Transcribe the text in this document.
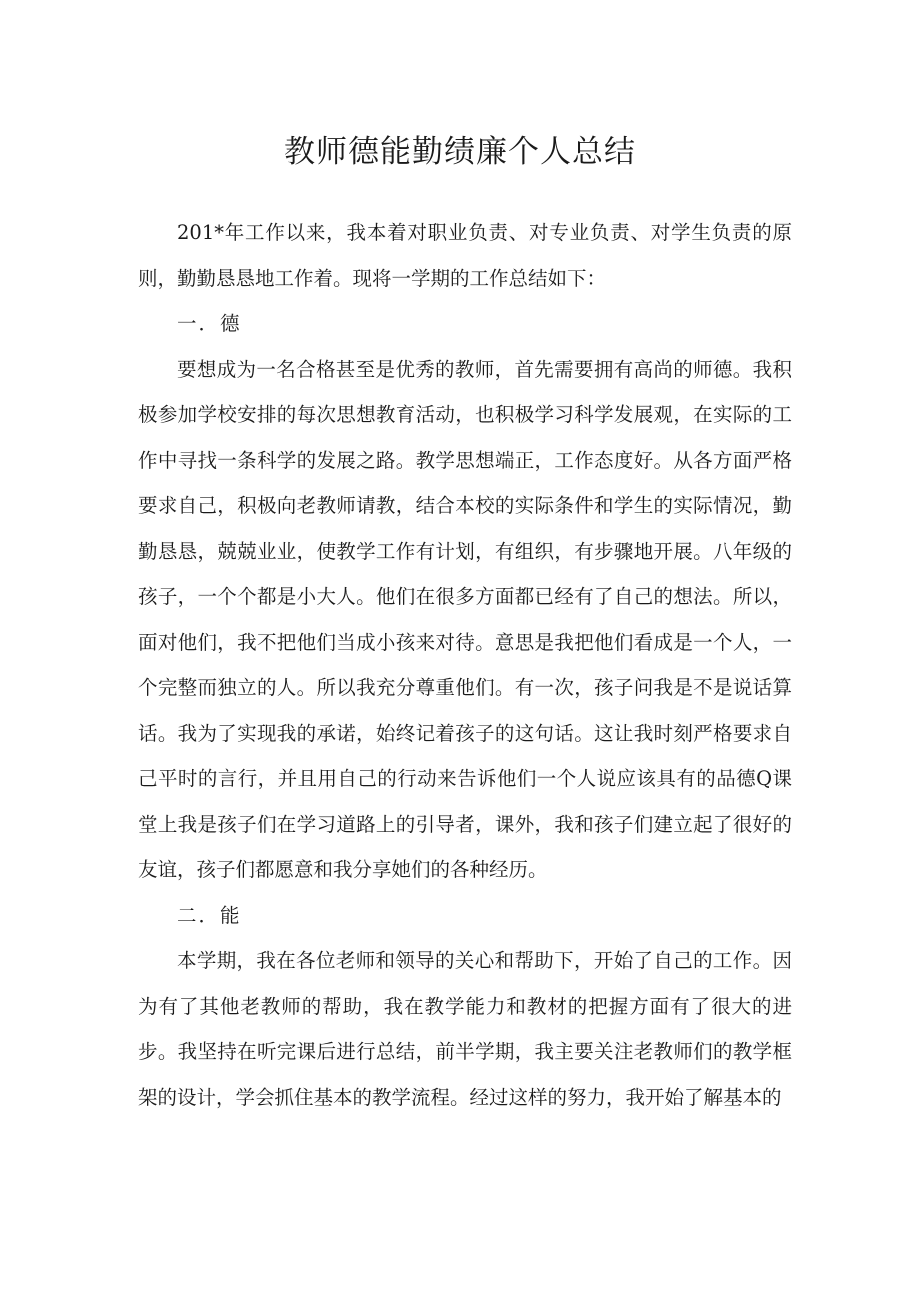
教师德能勤绩廉个人总结

201*年工作以来，我本着对职业负责、对专业负责、对学生负责的原则，勤勤恳恳地工作着。现将一学期的工作总结如下：

一．德

要想成为一名合格甚至是优秀的教师，首先需要拥有高尚的师德。我积极参加学校安排的每次思想教育活动，也积极学习科学发展观，在实际的工作中寻找一条科学的发展之路。教学思想端正，工作态度好。从各方面严格要求自己，积极向老教师请教，结合本校的实际条件和学生的实际情况，勤勤恳恳，兢兢业业，使教学工作有计划，有组织，有步骤地开展。八年级的孩子，一个个都是小大人。他们在很多方面都已经有了自己的想法。所以，面对他们，我不把他们当成小孩来对待。意思是我把他们看成是一个人，一个完整而独立的人。所以我充分尊重他们。有一次，孩子问我是不是说话算话。我为了实现我的承诺，始终记着孩子的这句话。这让我时刻严格要求自己平时的言行，并且用自己的行动来告诉他们一个人说应该具有的品德Q课堂上我是孩子们在学习道路上的引导者，课外，我和孩子们建立起了很好的友谊，孩子们都愿意和我分享她们的各种经历。

二．能

本学期，我在各位老师和领导的关心和帮助下，开始了自己的工作。因为有了其他老教师的帮助，我在教学能力和教材的把握方面有了很大的进步。我坚持在听完课后进行总结，前半学期，我主要关注老教师们的教学框架的设计，学会抓住基本的教学流程。经过这样的努力，我开始了解基本的
